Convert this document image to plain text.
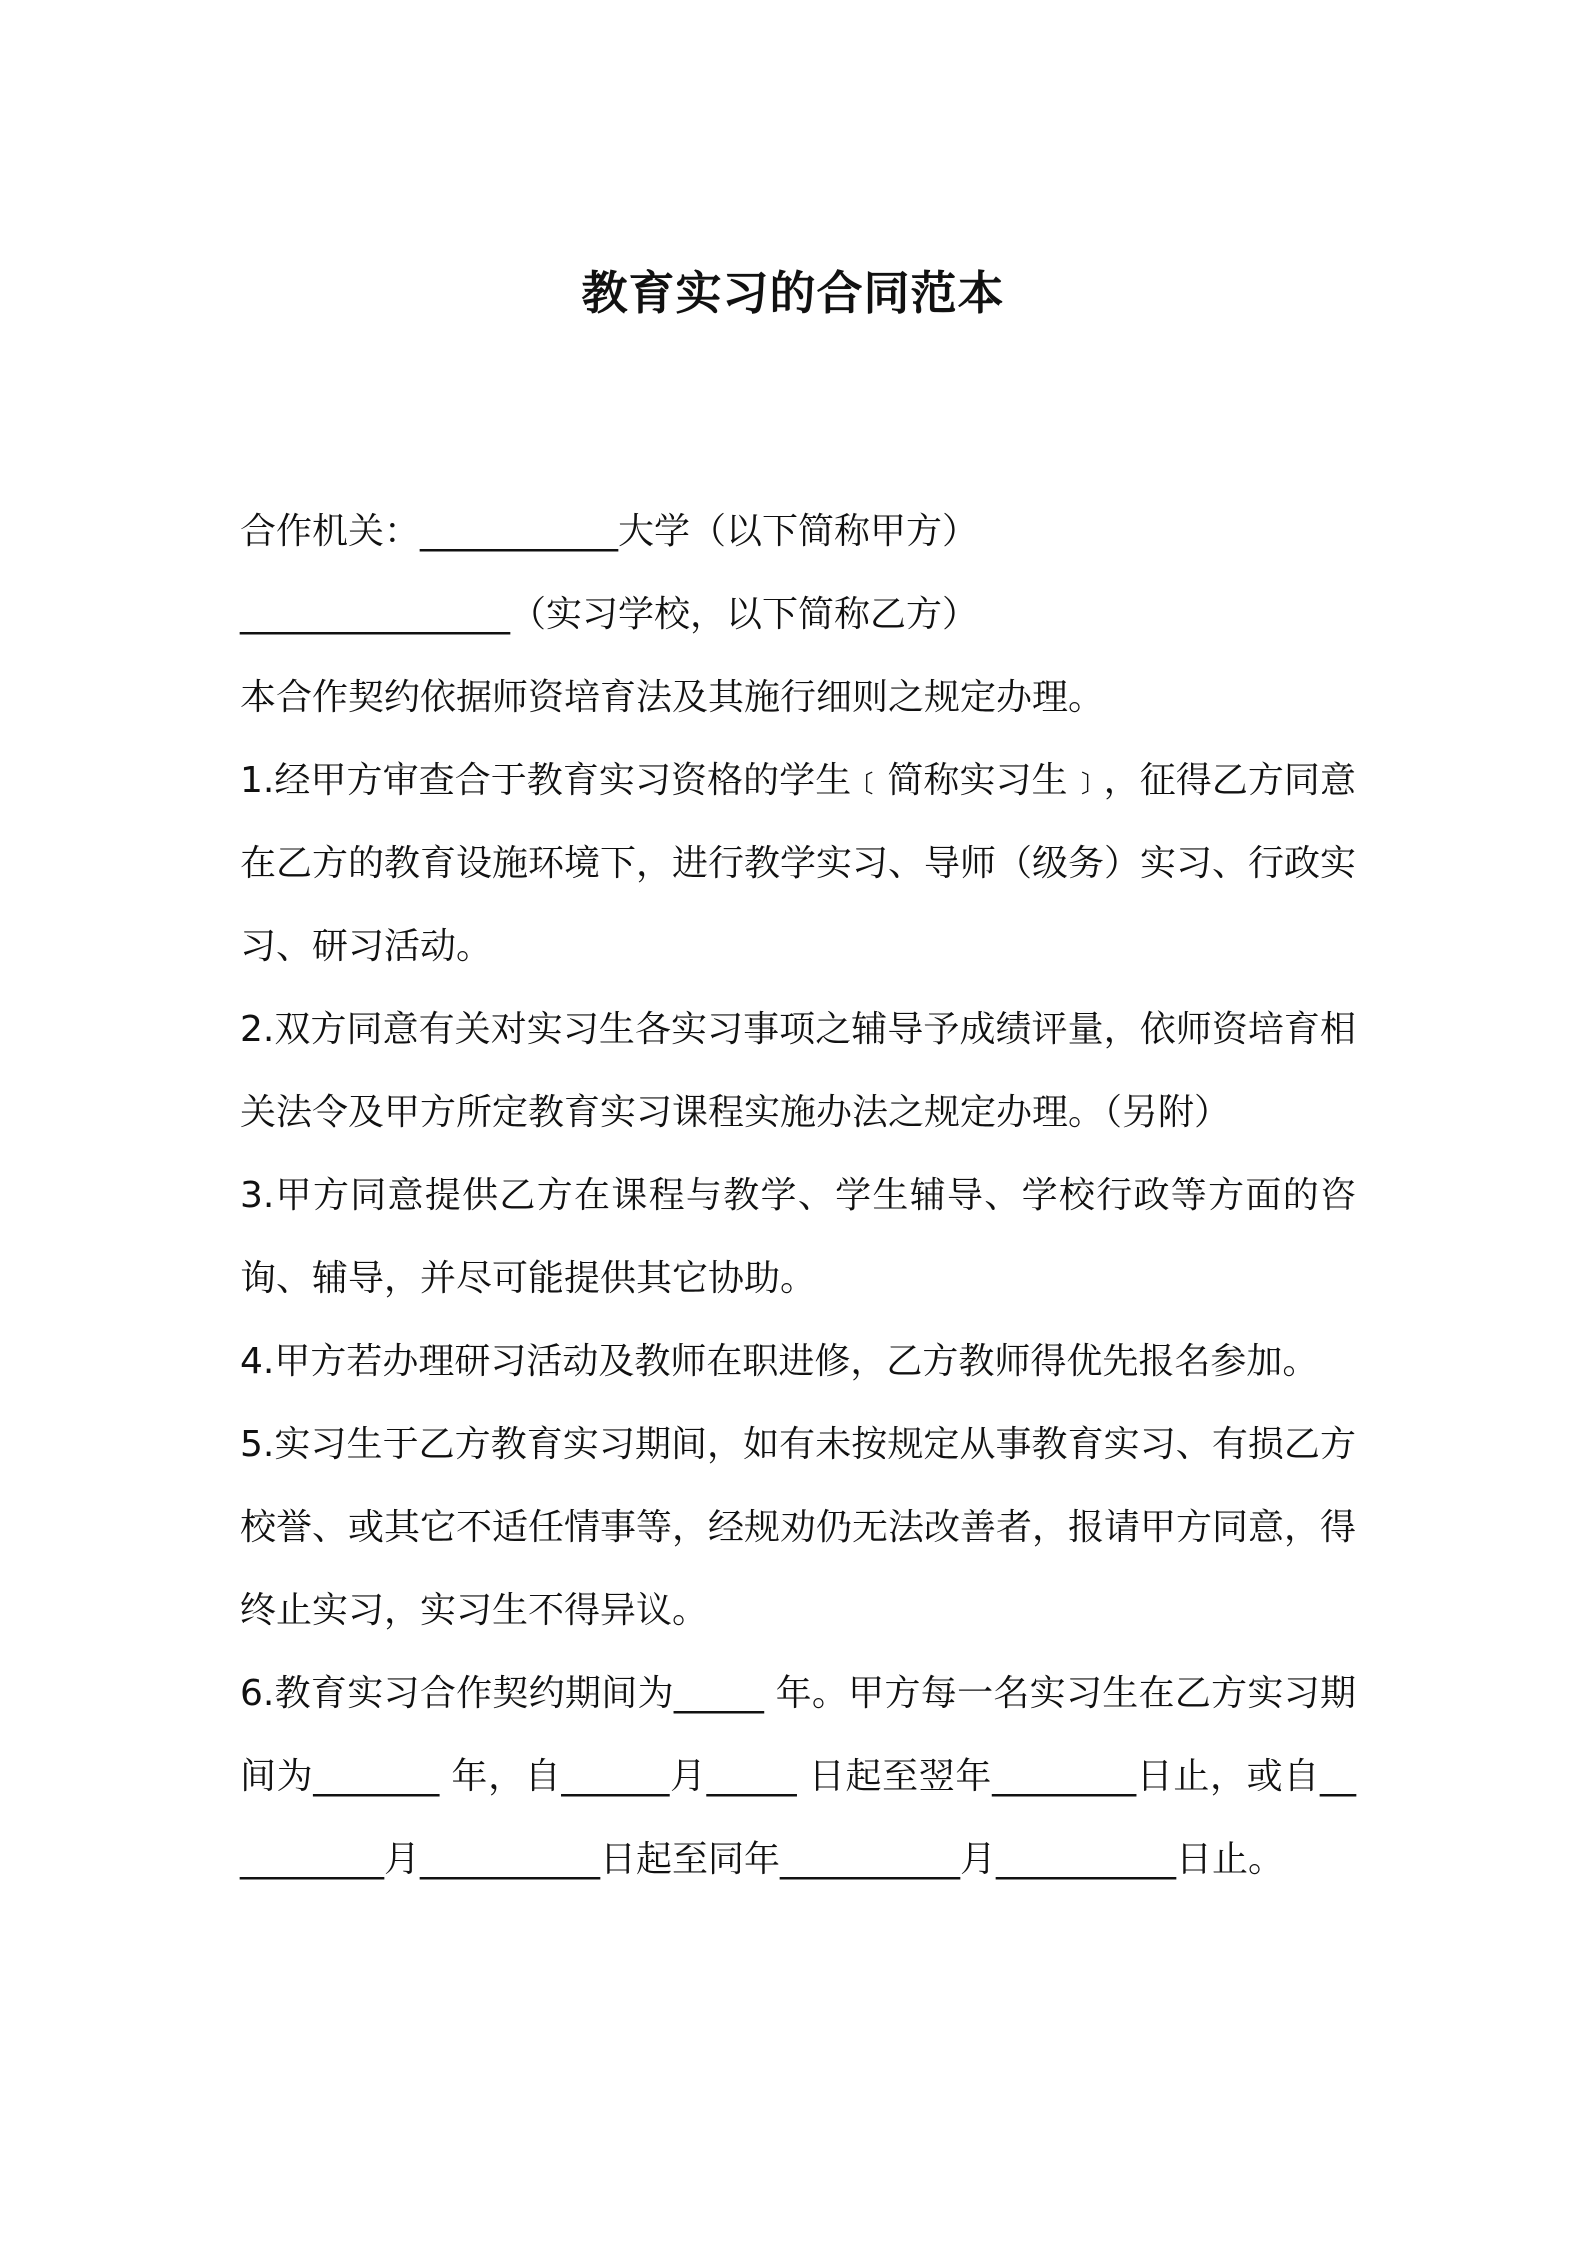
教育实习的合同范本

合作机关：___________大学（以下简称甲方）

_______________（实习学校，以下简称乙方）

本合作契约依据师资培育法及其施行细则之规定办理。

1.经甲方审查合于教育实习资格的学生﹝简称实习生﹞，征得乙方同意在乙方的教育设施环境下，进行教学实习、导师（级务）实习、行政实习、研习活动。

2.双方同意有关对实习生各实习事项之辅导予成绩评量，依师资培育相关法令及甲方所定教育实习课程实施办法之规定办理。（另附）

3.甲方同意提供乙方在课程与教学、学生辅导、学校行政等方面的咨询、辅导，并尽可能提供其它协助。

4.甲方若办理研习活动及教师在职进修，乙方教师得优先报名参加。

5.实习生于乙方教育实习期间，如有未按规定从事教育实习、有损乙方校誉、或其它不适任情事等，经规劝仍无法改善者，报请甲方同意，得终止实习，实习生不得异议。

6.教育实习合作契约期间为_____ 年。甲方每一名实习生在乙方实习期间为_______ 年，自______月_____ 日起至翌年________日止，或自__________月__________日起至同年__________月__________日止。
